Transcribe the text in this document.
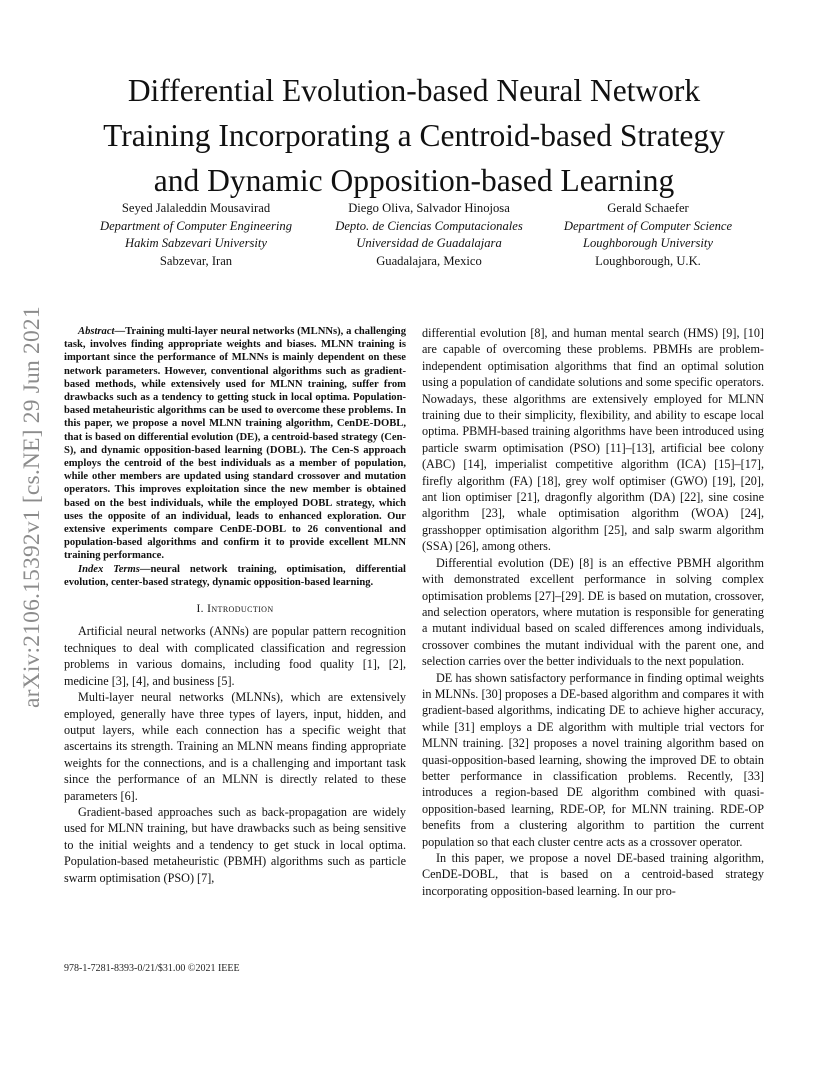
arXiv:2106.15392v1 [cs.NE] 29 Jun 2021
Differential Evolution-based Neural Network
Training Incorporating a Centroid-based Strategy
and Dynamic Opposition-based Learning
Seyed Jalaleddin Mousavirad
Department of Computer Engineering
Hakim Sabzevari University
Sabzevar, Iran
Diego Oliva, Salvador Hinojosa
Depto. de Ciencias Computacionales
Universidad de Guadalajara
Guadalajara, Mexico
Gerald Schaefer
Department of Computer Science
Loughborough University
Loughborough, U.K.

Abstract—Training multi-layer neural networks (MLNNs), a challenging task, involves finding appropriate weights and biases. MLNN training is important since the performance of MLNNs is mainly dependent on these network parameters. However, conventional algorithms such as gradient-based methods, while extensively used for MLNN training, suffer from drawbacks such as a tendency to getting stuck in local optima. Population-based metaheuristic algorithms can be used to overcome these problems. In this paper, we propose a novel MLNN training algorithm, CenDE-DOBL, that is based on differential evolution (DE), a centroid-based strategy (Cen-S), and dynamic opposition-based learning (DOBL). The Cen-S approach employs the centroid of the best individuals as a member of population, while other members are updated using standard crossover and mutation operators. This improves exploitation since the new member is obtained based on the best individuals, while the employed DOBL strategy, which uses the opposite of an individual, leads to enhanced exploration. Our extensive experiments compare CenDE-DOBL to 26 conventional and population-based algorithms and confirm it to provide excellent MLNN training performance.

Index Terms—neural network training, optimisation, differential evolution, center-based strategy, dynamic opposition-based learning.

I. Introduction

Artificial neural networks (ANNs) are popular pattern recognition techniques to deal with complicated classification and regression problems in various domains, including food quality [1], [2], medicine [3], [4], and business [5].

Multi-layer neural networks (MLNNs), which are extensively employed, generally have three types of layers, input, hidden, and output layers, while each connection has a specific weight that ascertains its strength. Training an MLNN means finding appropriate weights for the connections, and is a challenging and important task since the performance of an MLNN is directly related to these parameters [6].

Gradient-based approaches such as back-propagation are widely used for MLNN training, but have drawbacks such as being sensitive to the initial weights and a tendency to get stuck in local optima. Population-based metaheuristic (PBMH) algorithms such as particle swarm optimisation (PSO) [7],

differential evolution [8], and human mental search (HMS) [9], [10] are capable of overcoming these problems. PBMHs are problem-independent optimisation algorithms that find an optimal solution using a population of candidate solutions and some specific operators. Nowadays, these algorithms are extensively employed for MLNN training due to their simplicity, flexibility, and ability to escape local optima. PBMH-based training algorithms have been introduced using particle swarm optimisation (PSO) [11]–[13], artificial bee colony (ABC) [14], imperialist competitive algorithm (ICA) [15]–[17], firefly algorithm (FA) [18], grey wolf optimiser (GWO) [19], [20], ant lion optimiser [21], dragonfly algorithm (DA) [22], sine cosine algorithm [23], whale optimisation algorithm (WOA) [24], grasshopper optimisation algorithm [25], and salp swarm algorithm (SSA) [26], among others.

Differential evolution (DE) [8] is an effective PBMH algorithm with demonstrated excellent performance in solving complex optimisation problems [27]–[29]. DE is based on mutation, crossover, and selection operators, where mutation is responsible for generating a mutant individual based on scaled differences among individuals, crossover combines the mutant individual with the parent one, and selection carries over the better individuals to the next population.

DE has shown satisfactory performance in finding optimal weights in MLNNs. [30] proposes a DE-based algorithm and compares it with gradient-based algorithms, indicating DE to achieve higher accuracy, while [31] employs a DE algorithm with multiple trial vectors for MLNN training. [32] proposes a novel training algorithm based on quasi-opposition-based learning, showing the improved DE to obtain better performance in classification problems. Recently, [33] introduces a region-based DE algorithm combined with quasi-opposition-based learning, RDE-OP, for MLNN training. RDE-OP benefits from a clustering algorithm to partition the current population so that each cluster centre acts as a crossover operator.

In this paper, we propose a novel DE-based training algorithm, CenDE-DOBL, that is based on a centroid-based strategy incorporating opposition-based learning. In our pro-

978-1-7281-8393-0/21/$31.00 ©2021 IEEE
